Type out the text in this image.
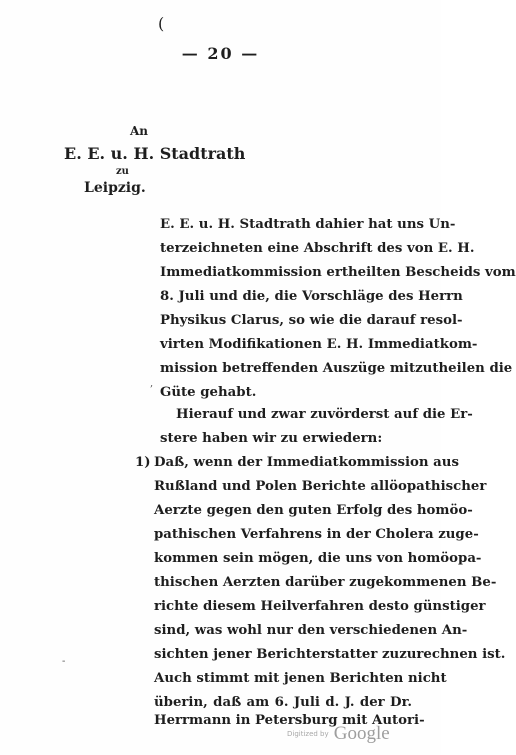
(
— 20 —
An
E. E. u. H. Stadtrath
zu
Leipzig.
E. E. u. H. Stadtrath dahier hat uns Un-
terzeichneten eine Abschrift des von E. H.
Immediatkommission ertheilten Bescheids vom
8. Juli und die, die Vorschläge des Herrn
Physikus Clarus, so wie die darauf resol-
virten Modifikationen E. H. Immediatkom-
mission betreffenden Auszüge mitzutheilen die
Güte gehabt.
,
Hierauf und zwar zuvörderst auf die Er-
stere haben wir zu erwiedern:
1) Daß, wenn der Immediatkommission aus
Rußland und Polen Berichte allöopathischer
Aerzte gegen den guten Erfolg des homöo-
pathischen Verfahrens in der Cholera zuge-
kommen sein mögen, die uns von homöopa-
thischen Aerzten darüber zugekommenen Be-
richte diesem Heilverfahren desto günstiger
sind, was wohl nur den verschiedenen An-
sichten jener Berichterstatter zuzurechnen ist.
Auch stimmt mit jenen Berichten nicht
überin, daß am 6. Juli d. J. der Dr.
Herrmann in Petersburg mit Autori-
-
Digitized by Google
